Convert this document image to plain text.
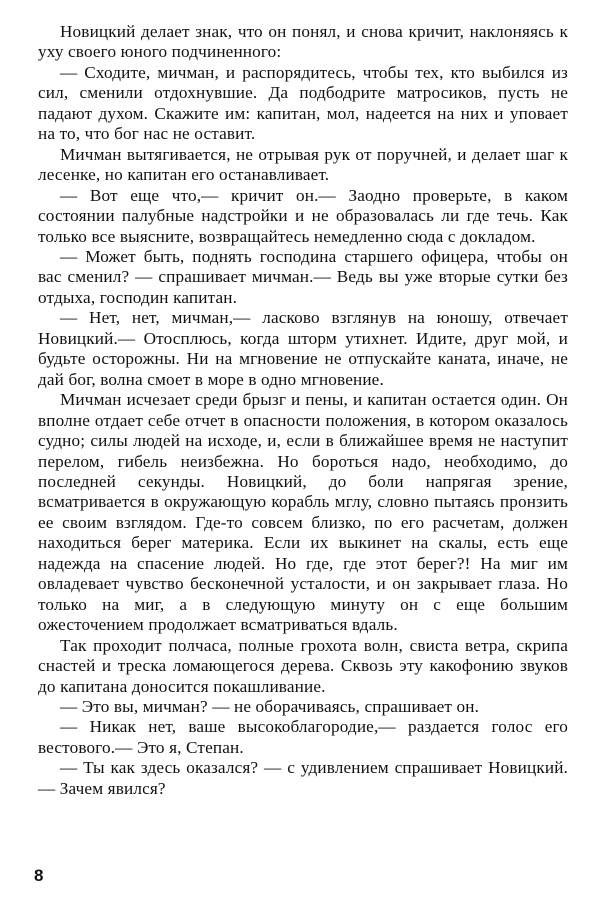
Новицкий делает знак, что он понял, и снова кричит, наклоняясь к уху своего юного подчиненного:

— Сходите, мичман, и распорядитесь, чтобы тех, кто выбился из сил, сменили отдохнувшие. Да подбодрите матросиков, пусть не падают духом. Скажите им: капитан, мол, надеется на них и уповает на то, что бог нас не оставит.

Мичман вытягивается, не отрывая рук от поручней, и делает шаг к лесенке, но капитан его останавливает.

— Вот еще что,— кричит он.— Заодно проверьте, в каком состоянии палубные надстройки и не образовалась ли где течь. Как только все выясните, возвращайтесь немедленно сюда с докладом.

— Может быть, поднять господина старшего офицера, чтобы он вас сменил? — спрашивает мичман.— Ведь вы уже вторые сутки без отдыха, господин капитан.

— Нет, нет, мичман,— ласково взглянув на юношу, отвечает Новицкий.— Отосплюсь, когда шторм утихнет. Идите, друг мой, и будьте осторожны. Ни на мгновение не отпускайте каната, иначе, не дай бог, волна смоет в море в одно мгновение.

Мичман исчезает среди брызг и пены, и капитан остается один. Он вполне отдает себе отчет в опасности положения, в котором оказалось судно; силы людей на исходе, и, если в ближайшее время не наступит перелом, гибель неизбежна. Но бороться надо, необходимо, до последней секунды. Новицкий, до боли напрягая зрение, всматривается в окружающую корабль мглу, словно пытаясь пронзить ее своим взглядом. Где-то совсем близко, по его расчетам, должен находиться берег материка. Если их выкинет на скалы, есть еще надежда на спасение людей. Но где, где этот берег?! На миг им овладевает чувство бесконечной усталости, и он закрывает глаза. Но только на миг, а в следующую минуту он с еще большим ожесточением продолжает всматриваться вдаль.

Так проходит полчаса, полные грохота волн, свиста ветра, скрипа снастей и треска ломающегося дерева. Сквозь эту какофонию звуков до капитана доносится покашливание.

— Это вы, мичман? — не оборачиваясь, спрашивает он.

— Никак нет, ваше высокоблагородие,— раздается голос его вестового.— Это я, Степан.

— Ты как здесь оказался? — с удивлением спрашивает Новицкий.— Зачем явился?

8
